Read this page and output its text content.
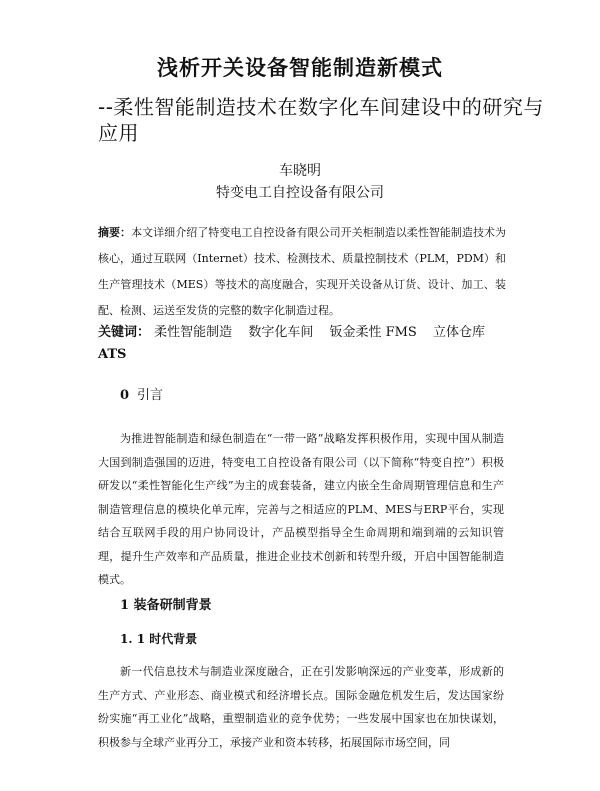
浅析开关设备智能制造新模式
--柔性智能制造技术在数字化车间建设中的研究与应用
车晓明
特变电工自控设备有限公司
摘要：本文详细介绍了特变电工自控设备有限公司开关柜制造以柔性智能制造技术为核心，通过互联网（Internet）技术、检测技术、质量控制技术（PLM，PDM）和生产管理技术（MES）等技术的高度融合，实现开关设备从订货、设计、加工、装配、检测、运送至发货的完整的数字化制造过程。
关键词： 柔性智能制造 数字化车间 钣金柔性 FMS 立体仓库
ATS
0 引言
为推进智能制造和绿色制造在“一带一路”战略发挥积极作用，实现中国从制造大国到制造强国的迈进，特变电工自控设备有限公司（以下简称“特变自控”）积极研发以“柔性智能化生产线”为主的成套装备，建立内嵌全生命周期管理信息和生产制造管理信息的模块化单元库，完善与之相适应的PLM、MES与ERP平台，实现结合互联网手段的用户协同设计，产品模型指导全生命周期和端到端的云知识管理，提升生产效率和产品质量，推进企业技术创新和转型升级，开启中国智能制造模式。
1 装备研制背景
1. 1 时代背景
新一代信息技术与制造业深度融合，正在引发影响深远的产业变革，形成新的生产方式、产业形态、商业模式和经济增长点。国际金融危机发生后，发达国家纷纷实施“再工业化”战略，重塑制造业的竞争优势；一些发展中国家也在加快谋划，积极参与全球产业再分工，承接产业和资本转移，拓展国际市场空间，同
